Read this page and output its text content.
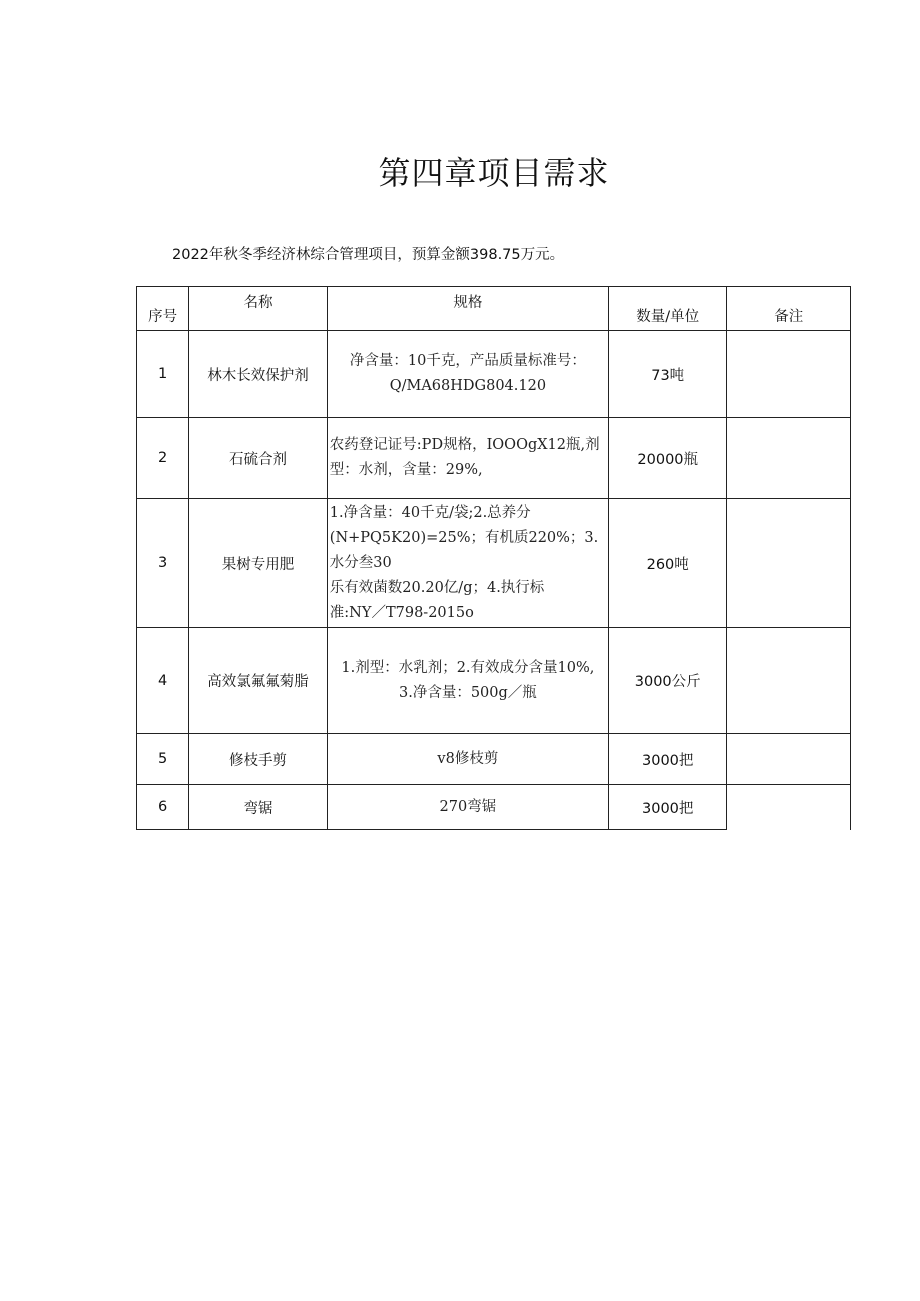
第四章项目需求
2022年秋冬季经济林综合管理项目，预算金额398.75万元。
序号	名称	规格	数量/单位	备注

1	林木长效保护剂	净含量：10千克，产品质量标准号：
Q/MA68HDG804.120	73吨	
2	石硫合剂	农药登记证号:PD规格，IOOOgX12瓶,剂
型：水剂，含量：29%,	20000瓶	
3	果树专用肥	1.净含量：40千克/袋;2.总养分
(N+PQ5K20)=25%；有机质220%；3.水分叁30
乐有效菌数20.20亿/g；4.执行标
准:NY／T798-2015o	260吨	
4	高效氯氟氟菊脂	1.剂型：水乳剂；2.有效成分含量10%,
3.净含量：500g／瓶	3000公斤	
5	修枝手剪	v8修枝剪	3000把	
6	弯锯	270弯锯	3000把	
